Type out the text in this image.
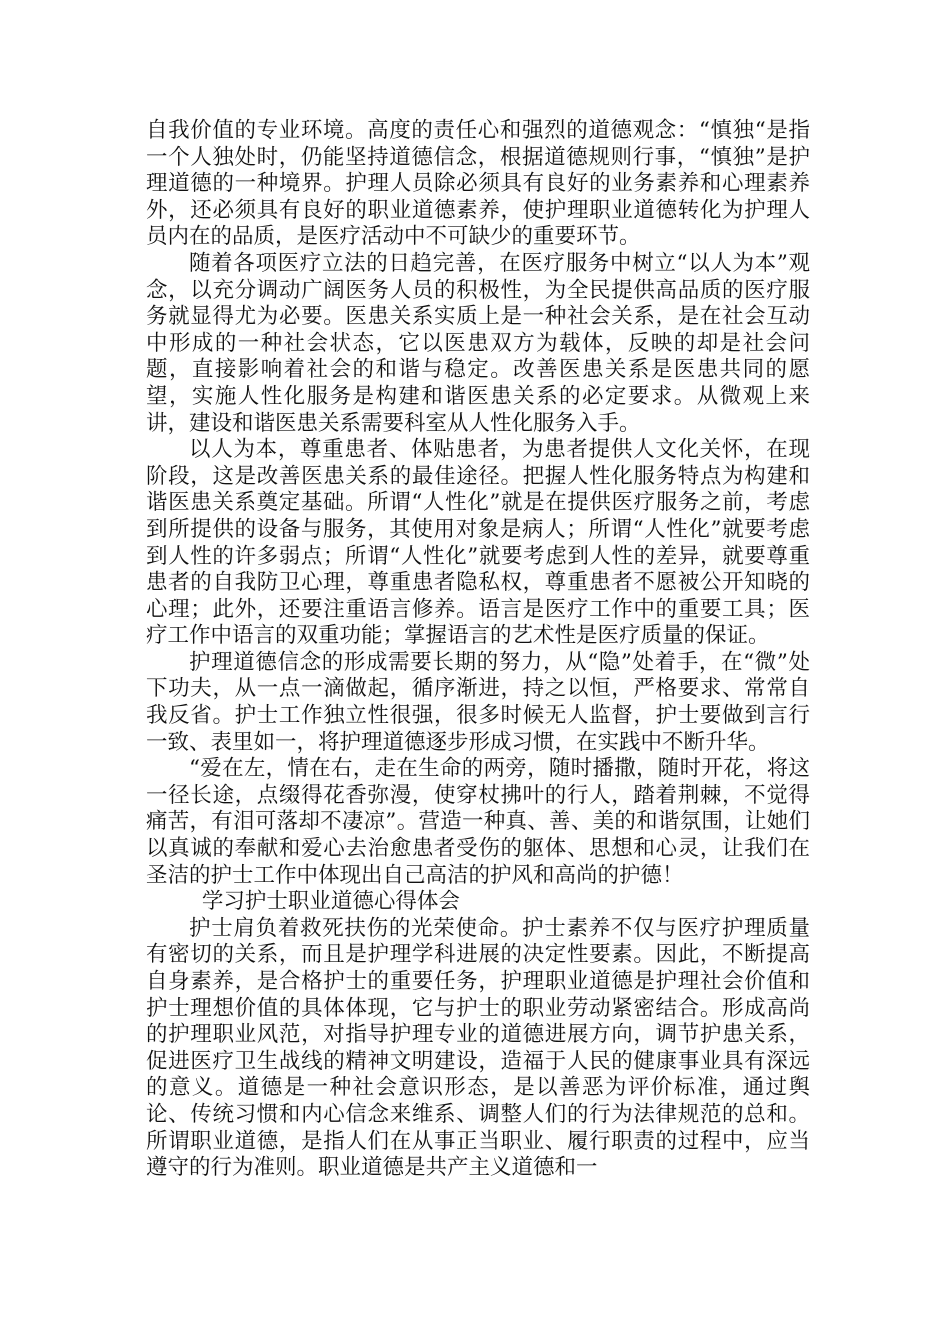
自我价值的专业环境。高度的责任心和强烈的道德观念：“慎独“是指一个人独处时，仍能坚持道德信念，根据道德规则行事，“慎独”是护理道德的一种境界。护理人员除必须具有良好的业务素养和心理素养外，还必须具有良好的职业道德素养，使护理职业道德转化为护理人员内在的品质，是医疗活动中不可缺少的重要环节。

随着各项医疗立法的日趋完善，在医疗服务中树立“以人为本”观念，以充分调动广阔医务人员的积极性，为全民提供高品质的医疗服务就显得尤为必要。医患关系实质上是一种社会关系，是在社会互动中形成的一种社会状态，它以医患双方为载体，反映的却是社会问题，直接影响着社会的和谐与稳定。改善医患关系是医患共同的愿望，实施人性化服务是构建和谐医患关系的必定要求。从微观上来讲，建设和谐医患关系需要科室从人性化服务入手。

以人为本，尊重患者、体贴患者，为患者提供人文化关怀，在现阶段，这是改善医患关系的最佳途径。把握人性化服务特点为构建和谐医患关系奠定基础。所谓“人性化”就是在提供医疗服务之前，考虑到所提供的设备与服务，其使用对象是病人；所谓“人性化”就要考虑到人性的许多弱点；所谓“人性化”就要考虑到人性的差异，就要尊重患者的自我防卫心理，尊重患者隐私权，尊重患者不愿被公开知晓的心理；此外，还要注重语言修养。语言是医疗工作中的重要工具；医疗工作中语言的双重功能；掌握语言的艺术性是医疗质量的保证。

护理道德信念的形成需要长期的努力，从“隐”处着手，在“微”处下功夫，从一点一滴做起，循序渐进，持之以恒，严格要求、常常自我反省。护士工作独立性很强，很多时候无人监督，护士要做到言行一致、表里如一，将护理道德逐步形成习惯，在实践中不断升华。

“爱在左，情在右，走在生命的两旁，随时播撒，随时开花，将这一径长途，点缀得花香弥漫，使穿杖拂叶的行人，踏着荆棘，不觉得痛苦，有泪可落却不凄凉”。营造一种真、善、美的和谐氛围，让她们以真诚的奉献和爱心去治愈患者受伤的躯体、思想和心灵，让我们在圣洁的护士工作中体现出自己高洁的护风和高尚的护德！

学习护士职业道德心得体会

护士肩负着救死扶伤的光荣使命。护士素养不仅与医疗护理质量有密切的关系，而且是护理学科进展的决定性要素。因此，不断提高自身素养，是合格护士的重要任务，护理职业道德是护理社会价值和护士理想价值的具体体现，它与护士的职业劳动紧密结合。形成高尚的护理职业风范，对指导护理专业的道德进展方向，调节护患关系，促进医疗卫生战线的精神文明建设，造福于人民的健康事业具有深远的意义。道德是一种社会意识形态，是以善恶为评价标准，通过舆论、传统习惯和内心信念来维系、调整人们的行为法律规范的总和。所谓职业道德，是指人们在从事正当职业、履行职责的过程中，应当遵守的行为准则。职业道德是共产主义道德和一
